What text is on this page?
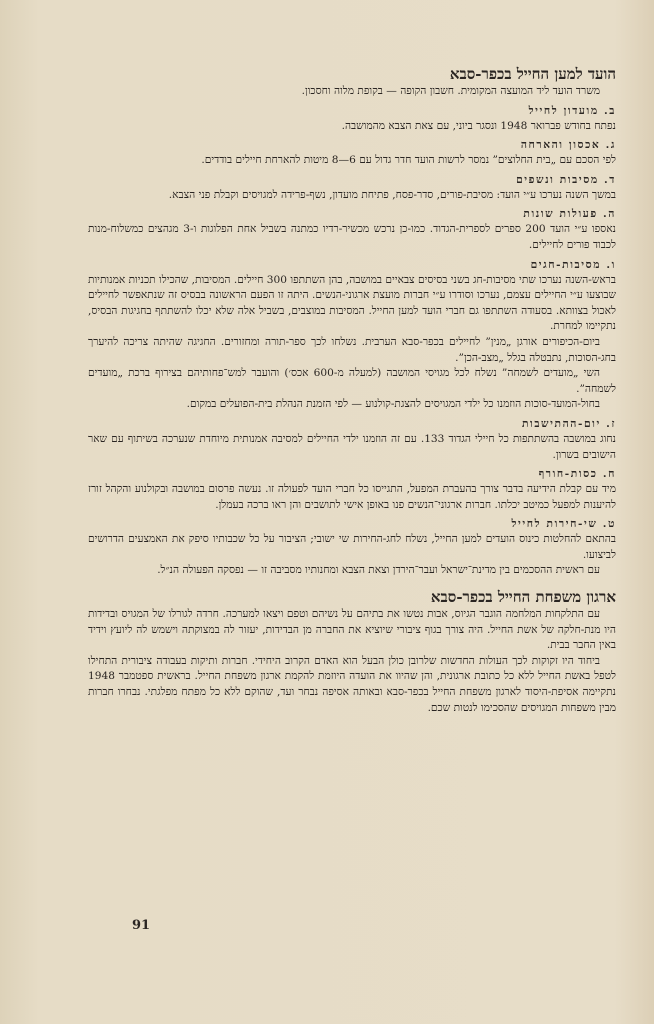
הועד למען החייל בכפר-סבא

משרד הועד ליד המועצה המקומית. חשבון הקופה — בקופת מלוה וחסכון.

ב. מועדון לחייל

נפתח בחודש פברואר 1948 ונסגר ביוני, עם צאת הצבא מהמושבה.

ג. אכסון והארחה

לפי הסכם עם „בית החלוצים” נמסר לרשות הועד חדר גדול עם 6—8 מיטות להארחת חיילים בודדים.

ד. מסיבות ונשפים

במשך השנה נערכו ע״י הועד: מסיבת-פורים, סדר-פסח, פתיחת מועדון, נשף-פרידה למגויסים וקבלת פני הצבא.

ה. פעולות שונות

נאספו ע״י הועד 200 ספרים לספרית-הגדוד. כמו-כן נרכש מכשיר-רדיו כמתנה בשביל אחת הפלוגות ו-3 מגהצים כמשלוח-מנות לכבוד פורים לחיילים.

ו. מסיבות-חגים

בראש-השנה נערכו שתי מסיבות-חג בשני בסיסים צבאיים במושבה, בהן השתתפו 300 חיילים. המסיבות, שהכילו תכניות אמנותיות שבוצעו ע״י החיילים עצמם, נערכו וסודרו ע״י חברות מועצת ארגוני-הנשים. היתה זו הפעם הראשונה בבסיס זה שנתאפשר לחיילים לאכול בצוותא. בסעודה השתתפו גם חברי הועד למען החייל. המסיבות במוצבים, בשביל אלה שלא יכלו להשתתף בחגיגות הבסיס, נתקיימו למחרת.

ביום-הכיפורים אורגן „מנין” לחיילים בכפר-סבא הערבית. נשלחו לכך ספר-תורה ומחזורים. החגיגה שהיתה צריכה להיערך בחג-הסוכות, נתבטלה בגלל „מצב-הכן”.

השי „מועדים לשמחה” נשלח לכל מגויסי המושבה (למעלה מ-600 אכס׳) והועבר למש־פחותיהם בצירוף ברכת „מועדים לשמחה”.

בחול-המועד-סוכות הוזמנו כל ילדי המגויסים להצגת-קולנוע — לפי הזמנת הנהלת בית-הפועלים במקום.

ז. יום-ההתישבות

נחוג במושבה בהשתתפות כל חיילי הגדוד 133. עם זה הוזמנו ילדי החיילים למסיבה אמנותית מיוחדת שנערכה בשיתוף עם שאר הישובים בשרון.

ח. כסות-חורף

מיד עם קבלת הידיעה בדבר צורך בהעברת המפעל, התגייסו כל חברי הועד לפעולה זו. נעשה פרסום במושבה ובקולנוע והקהל זורז להיענות למפעל כמיטב יכלתו. חברות ארגוני־הנשים פנו באופן אישי לתושבים והן ראו ברכה בעמלן.

ט. שי-חירות לחייל

בהתאם להחלטות כינוס הועדים למען החייל, נשלח לחג-החירות שי ישובי; הציבור על כל שכבותיו סיפק את האמצעים הדרושים לביצועו.

עם ראשית ההסכמים בין מדינת־ישראל ועבר־הירדן וצאת הצבא ומחנותיו מסביבה זו — נפסקה הפעולה הנ״ל.

ארגון משפחת החייל בכפר-סבא

עם התלקחות המלחמה הוגבר הגיוס, אבות נטשו את בתיהם על נשיהם וטפם ויצאו למערכה. חרדה לגורלו של המגויס ובדידות היו מנת-חלקה של אשת החייל. היה צורך בגוף ציבורי שיוציא את החברה מן הבדידות, יעזור לה במצוקתה וישמש לה ליועץ וידיד באין החבר בבית.

ביחוד היו זקוקות לכך העולות החדשות שלרובן כולן הבעל הוא האדם הקרוב היחידי. חברות ותיקות בעבודה ציבורית התחילו לטפל באשת החייל ללא כל כתובת ארגונית, והן שהיוו את הועדה היוזמת להקמת ארגון משפחת החייל. בראשית ספטמבר 1948 נתקיימה אסיפת-היסוד לארגון משפחת החייל בכפר-סבא ובאותה אסיפה נבחר ועד, שהוקם ללא כל מפתח מפלגתי. נבחרו חברות מבין משפחות המגויסים שהסכימו לנטות שכם.

91
